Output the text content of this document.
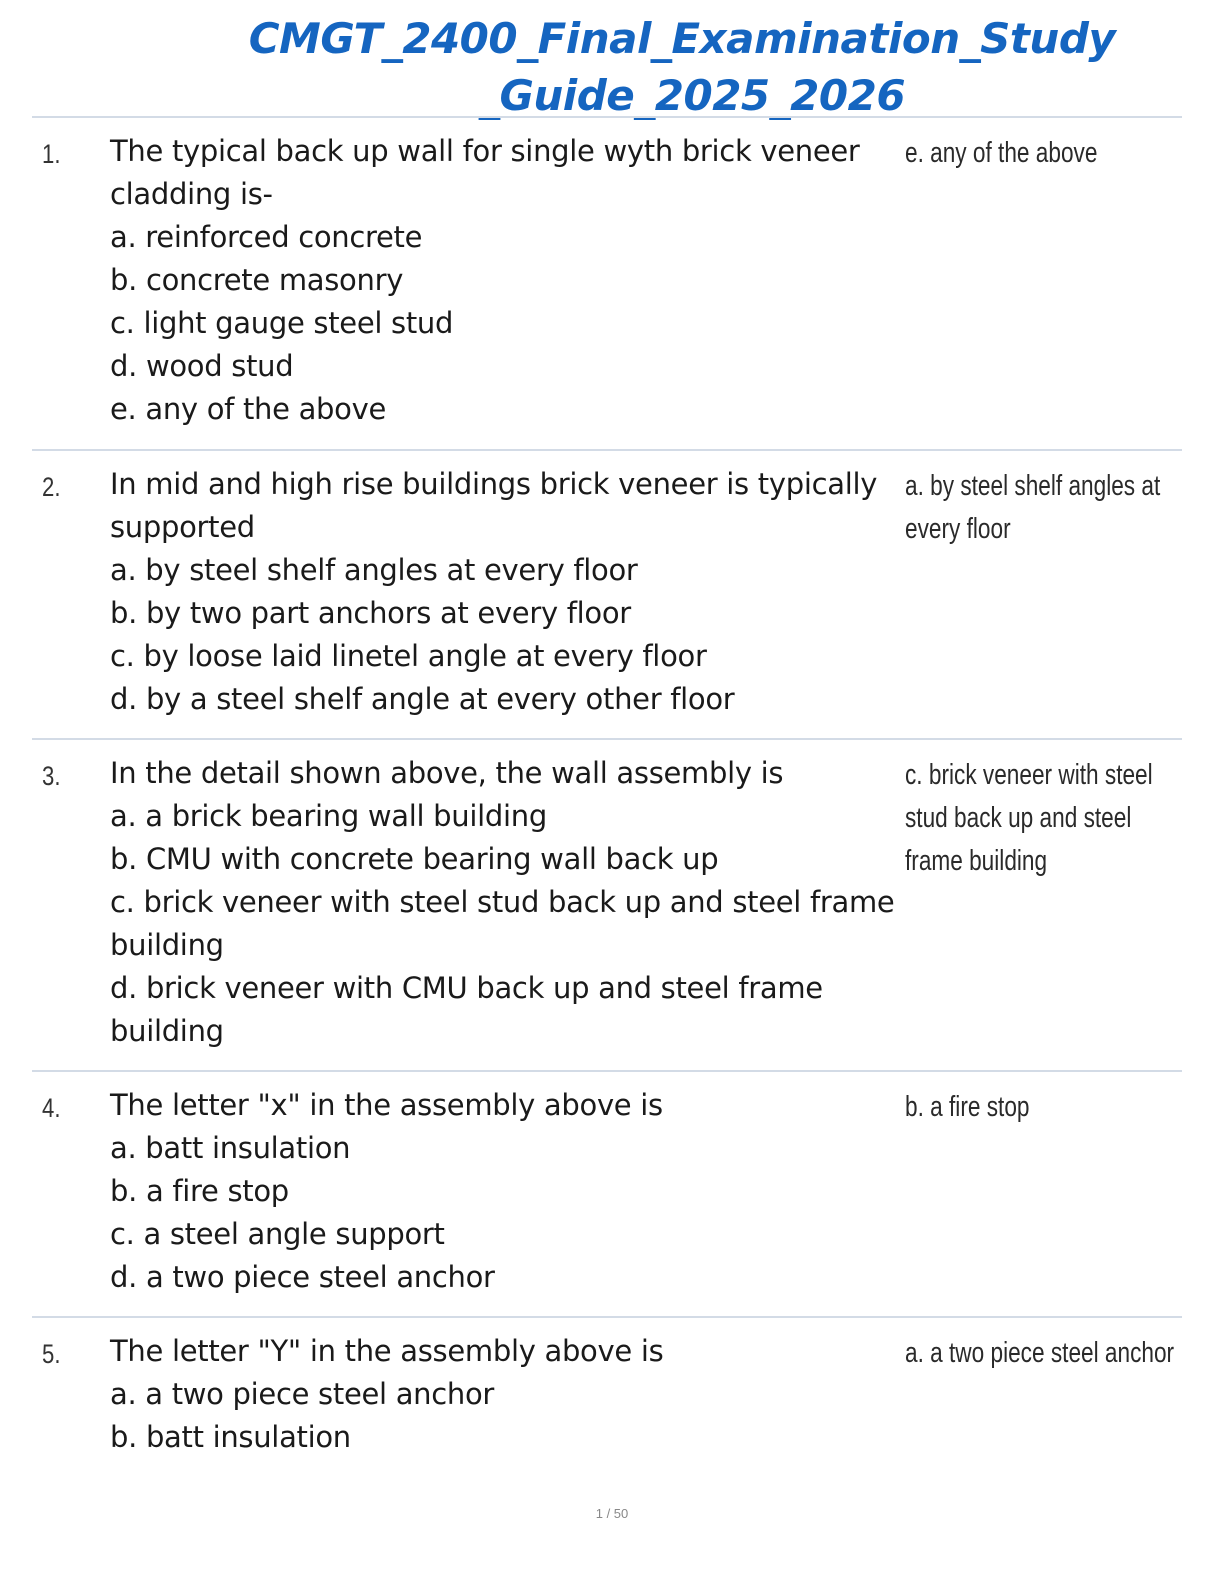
CMGT_2400_Final_Examination_Study
_Guide_2025_2026
1. The typical back up wall for single wyth brick veneer
cladding is-
a. reinforced concrete
b. concrete masonry
c. light gauge steel stud
d. wood stud
e. any of the above
e. any of the above
2. In mid and high rise buildings brick veneer is typically
supported
a. by steel shelf angles at every floor
b. by two part anchors at every floor
c. by loose laid linetel angle at every floor
d. by a steel shelf angle at every other floor
a. by steel shelf angles at
every floor
3. In the detail shown above, the wall assembly is
a. a brick bearing wall building
b. CMU with concrete bearing wall back up
c. brick veneer with steel stud back up and steel frame
building
d. brick veneer with CMU back up and steel frame
building
c. brick veneer with steel
stud back up and steel
frame building
4. The letter "x" in the assembly above is
a. batt insulation
b. a fire stop
c. a steel angle support
d. a two piece steel anchor
b. a fire stop
5. The letter "Y" in the assembly above is
a. a two piece steel anchor
b. batt insulation
a. a two piece steel anchor
1 / 50
